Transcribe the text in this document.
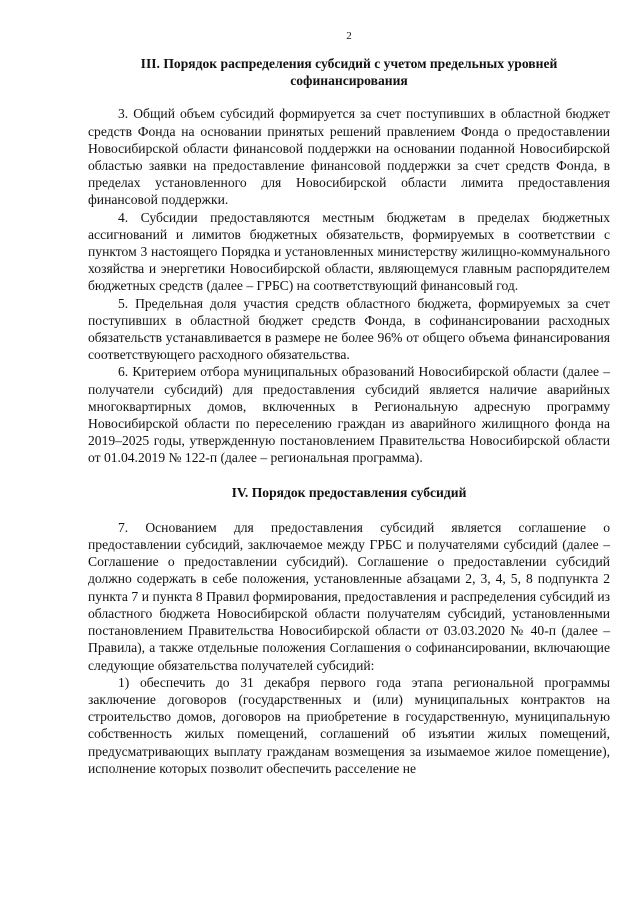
2
III. Порядок распределения субсидий с учетом предельных уровней софинансирования

3. Общий объем субсидий формируется за счет поступивших в областной бюджет средств Фонда на основании принятых решений правлением Фонда о предоставлении Новосибирской области финансовой поддержки на основании поданной Новосибирской областью заявки на предоставление финансовой поддержки за счет средств Фонда, в пределах установленного для Новосибирской области лимита предоставления финансовой поддержки.

4. Субсидии предоставляются местным бюджетам в пределах бюджетных ассигнований и лимитов бюджетных обязательств, формируемых в соответствии с пунктом 3 настоящего Порядка и установленных министерству жилищно-коммунального хозяйства и энергетики Новосибирской области, являющемуся главным распорядителем бюджетных средств (далее – ГРБС) на соответствующий финансовый год.

5. Предельная доля участия средств областного бюджета, формируемых за счет поступивших в областной бюджет средств Фонда, в софинансировании расходных обязательств устанавливается в размере не более 96% от общего объема финансирования соответствующего расходного обязательства.

6. Критерием отбора муниципальных образований Новосибирской области (далее – получатели субсидий) для предоставления субсидий является наличие аварийных многоквартирных домов, включенных в Региональную адресную программу Новосибирской области по переселению граждан из аварийного жилищного фонда на 2019–2025 годы, утвержденную постановлением Правительства Новосибирской области от 01.04.2019 № 122-п (далее – региональная программа).

IV. Порядок предоставления субсидий

7. Основанием для предоставления субсидий является соглашение о предоставлении субсидий, заключаемое между ГРБС и получателями субсидий (далее – Соглашение о предоставлении субсидий). Соглашение о предоставлении субсидий должно содержать в себе положения, установленные абзацами 2, 3, 4, 5, 8 подпункта 2 пункта 7 и пункта 8 Правил формирования, предоставления и распределения субсидий из областного бюджета Новосибирской области получателям субсидий, установленными постановлением Правительства Новосибирской области от 03.03.2020 № 40-п (далее – Правила), а также отдельные положения Соглашения о софинансировании, включающие следующие обязательства получателей субсидий:

1) обеспечить до 31 декабря первого года этапа региональной программы заключение договоров (государственных и (или) муниципальных контрактов на строительство домов, договоров на приобретение в государственную, муниципальную собственность жилых помещений, соглашений об изъятии жилых помещений, предусматривающих выплату гражданам возмещения за изымаемое жилое помещение), исполнение которых позволит обеспечить расселение не
